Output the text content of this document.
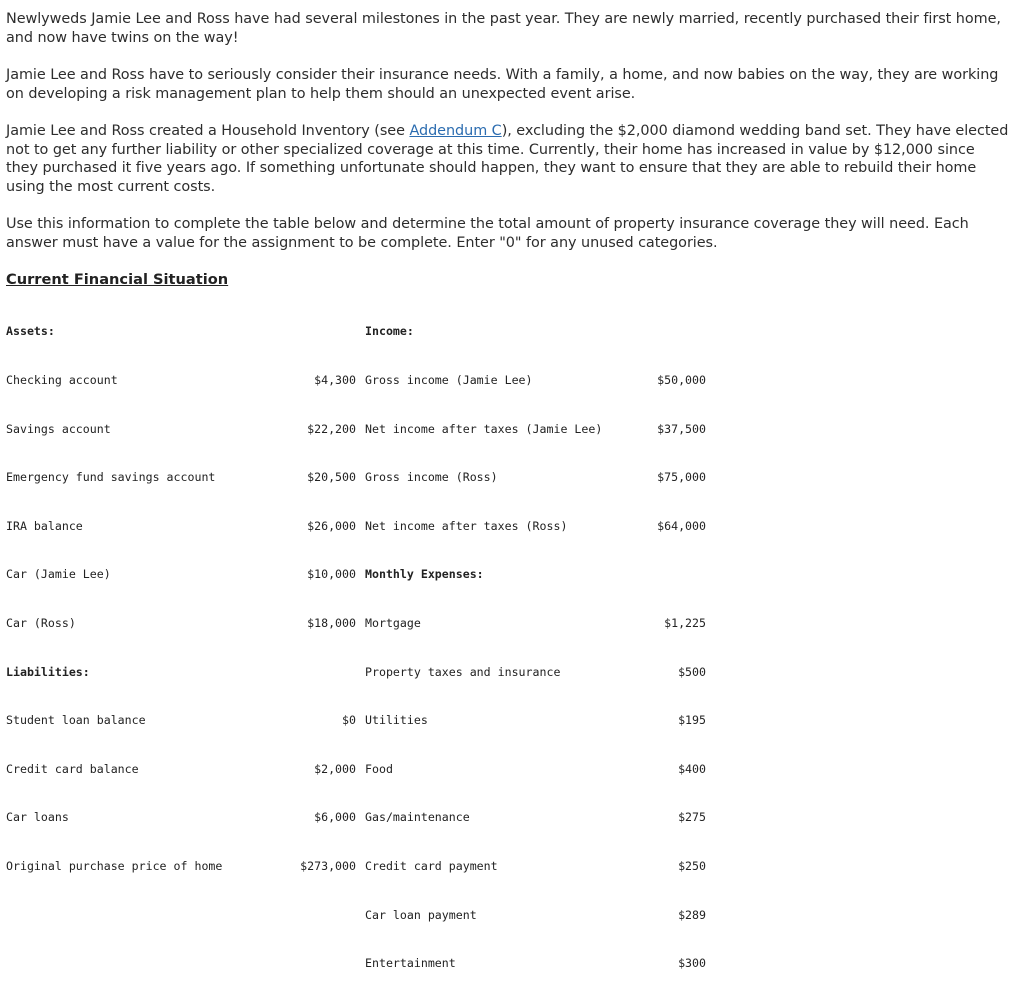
Newlyweds Jamie Lee and Ross have had several milestones in the past year. They are newly married, recently purchased their first home, and now have twins on the way!

Jamie Lee and Ross have to seriously consider their insurance needs. With a family, a home, and now babies on the way, they are working on developing a risk management plan to help them should an unexpected event arise.

Jamie Lee and Ross created a Household Inventory (see Addendum C), excluding the $2,000 diamond wedding band set. They have elected not to get any further liability or other specialized coverage at this time. Currently, their home has increased in value by $12,000 since they purchased it five years ago. If something unfortunate should happen, they want to ensure that they are able to rebuild their home using the most current costs.

Use this information to complete the table below and determine the total amount of property insurance coverage they will need. Each answer must have a value for the assignment to be complete. Enter "0" for any unused categories.

Current Financial Situation

Assets:

Checking account

Savings account

Emergency fund savings account

IRA balance

Car (Jamie Lee)

Car (Ross)

Liabilities:

Student loan balance

Credit card balance

Car loans

Original purchase price of home

$4,300

$22,200

$20,500

$26,000

$10,000

$18,000

$0

$2,000

$6,000

$273,000

Income:

Gross income (Jamie Lee)

Net income after taxes (Jamie Lee)

Gross income (Ross)

Net income after taxes (Ross)

Monthly Expenses:

Mortgage

Property taxes and insurance

Utilities

Food

Gas/maintenance

Credit card payment

Car loan payment

Entertainment

$50,000

$37,500

$75,000

$64,000

$1,225

$500

$195

$400

$275

$250

$289

$300
